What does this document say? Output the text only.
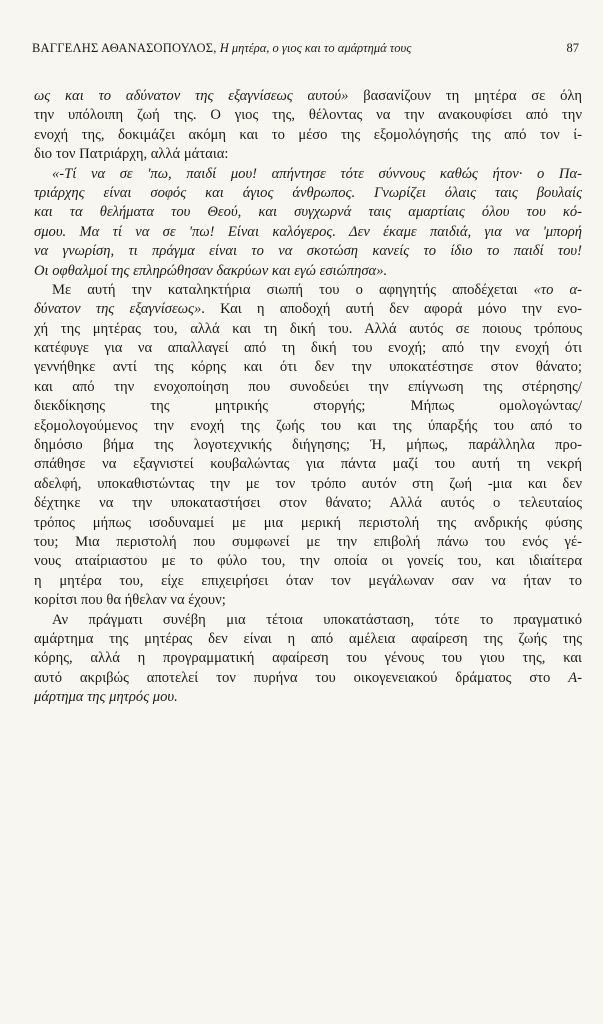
ΒΑΓΓΕΛΗΣ ΑΘΑΝΑΣΟΠΟΥΛΟΣ, Η μητέρα, ο γιος και το αμάρτημά τους	87
ως και το αδύνατον της εξαγνίσεως αυτού» βασανίζουν τη μητέρα σε όλη
την υπόλοιπη ζωή της. Ο γιος της, θέλοντας να την ανακουφίσει από την
ενοχή της, δοκιμάζει ακόμη και το μέσο της εξομολόγησής της από τον ί-
διο τον Πατριάρχη, αλλά μάταια:
«-Τί να σε 'πω, παιδί μου! απήντησε τότε σύννους καθώς ήτον· ο Πα-
τριάρχης είναι σοφός και άγιος άνθρωπος. Γνωρίζει όλαις ταις βουλαίς
και τα θελήματα του Θεού, και συγχωρνά ταις αμαρτίαις όλου του κό-
σμου. Μα τί να σε 'πω! Είναι καλόγερος. Δεν έκαμε παιδιά, για να 'μπορή
να γνωρίση, τι πράγμα είναι το να σκοτώση κανείς το ίδιο το παιδί του!
Οι οφθαλμοί της επληρώθησαν δακρύων και εγώ εσιώπησα».
Με αυτή την καταληκτήρια σιωπή του ο αφηγητής αποδέχεται «το α-
δύνατον της εξαγνίσεως». Και η αποδοχή αυτή δεν αφορά μόνο την ενο-
χή της μητέρας του, αλλά και τη δική του. Αλλά αυτός σε ποιους τρόπους
κατέφυγε για να απαλλαγεί από τη δική του ενοχή; από την ενοχή ότι
γεννήθηκε αντί της κόρης και ότι δεν την υποκατέστησε στον θάνατο;
και από την ενοχοποίηση που συνοδεύει την επίγνωση της στέρησης/
διεκδίκησης της μητρικής στοργής; Μήπως ομολογώντας/
εξομολογούμενος την ενοχή της ζωής του και της ύπαρξής του από το
δημόσιο βήμα της λογοτεχνικής διήγησης; Ή, μήπως, παράλληλα προ-
σπάθησε να εξαγνιστεί κουβαλώντας για πάντα μαζί του αυτή τη νεκρή
αδελφή, υποκαθιστώντας την με τον τρόπο αυτόν στη ζωή -μια και δεν
δέχτηκε να την υποκαταστήσει στον θάνατο; Αλλά αυτός ο τελευταίος
τρόπος μήπως ισοδυναμεί με μια μερική περιστολή της ανδρικής φύσης
του; Μια περιστολή που συμφωνεί με την επιβολή πάνω του ενός γέ-
νους αταίριαστου με το φύλο του, την οποία οι γονείς του, και ιδιαίτερα
η μητέρα του, είχε επιχειρήσει όταν τον μεγάλωναν σαν να ήταν το
κορίτσι που θα ήθελαν να έχουν;
Αν πράγματι συνέβη μια τέτοια υποκατάσταση, τότε το πραγματικό
αμάρτημα της μητέρας δεν είναι η από αμέλεια αφαίρεση της ζωής της
κόρης, αλλά η προγραμματική αφαίρεση του γένους του γιου της, και
αυτό ακριβώς αποτελεί τον πυρήνα του οικογενειακού δράματος στο Α-
μάρτημα της μητρός μου.
